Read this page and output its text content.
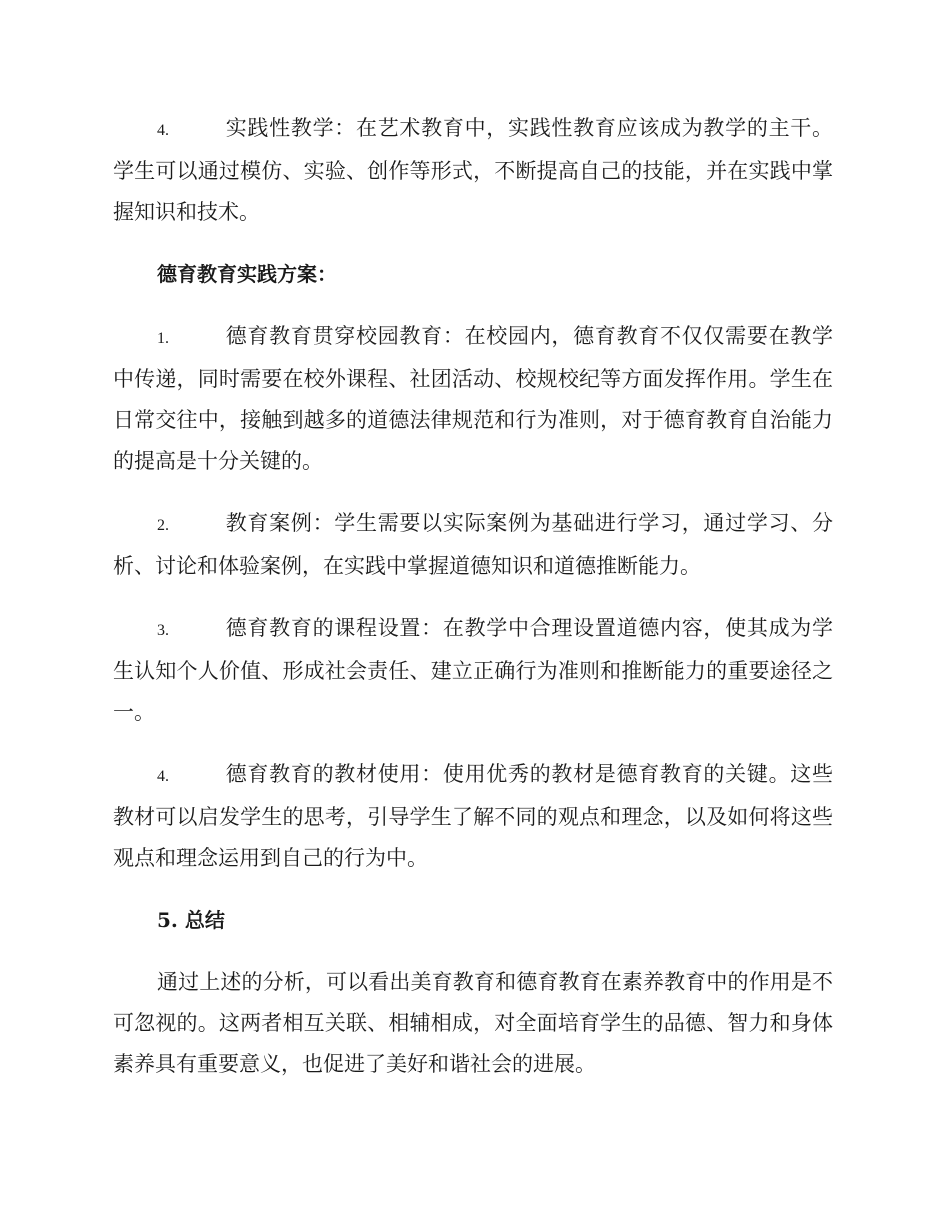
4.	实践性教学：在艺术教育中，实践性教育应该成为教学的主干。学生可以通过模仿、实验、创作等形式，不断提高自己的技能，并在实践中掌握知识和技术。

德育教育实践方案：

1.	德育教育贯穿校园教育：在校园内，德育教育不仅仅需要在教学中传递，同时需要在校外课程、社团活动、校规校纪等方面发挥作用。学生在日常交往中，接触到越多的道德法律规范和行为准则，对于德育教育自治能力的提高是十分关键的。

2.	教育案例：学生需要以实际案例为基础进行学习，通过学习、分析、讨论和体验案例，在实践中掌握道德知识和道德推断能力。

3.	德育教育的课程设置：在教学中合理设置道德内容，使其成为学生认知个人价值、形成社会责任、建立正确行为准则和推断能力的重要途径之一。

4.	德育教育的教材使用：使用优秀的教材是德育教育的关键。这些教材可以启发学生的思考，引导学生了解不同的观点和理念，以及如何将这些观点和理念运用到自己的行为中。

5. 总结

通过上述的分析，可以看出美育教育和德育教育在素养教育中的作用是不可忽视的。这两者相互关联、相辅相成，对全面培育学生的品德、智力和身体素养具有重要意义，也促进了美好和谐社会的进展。
